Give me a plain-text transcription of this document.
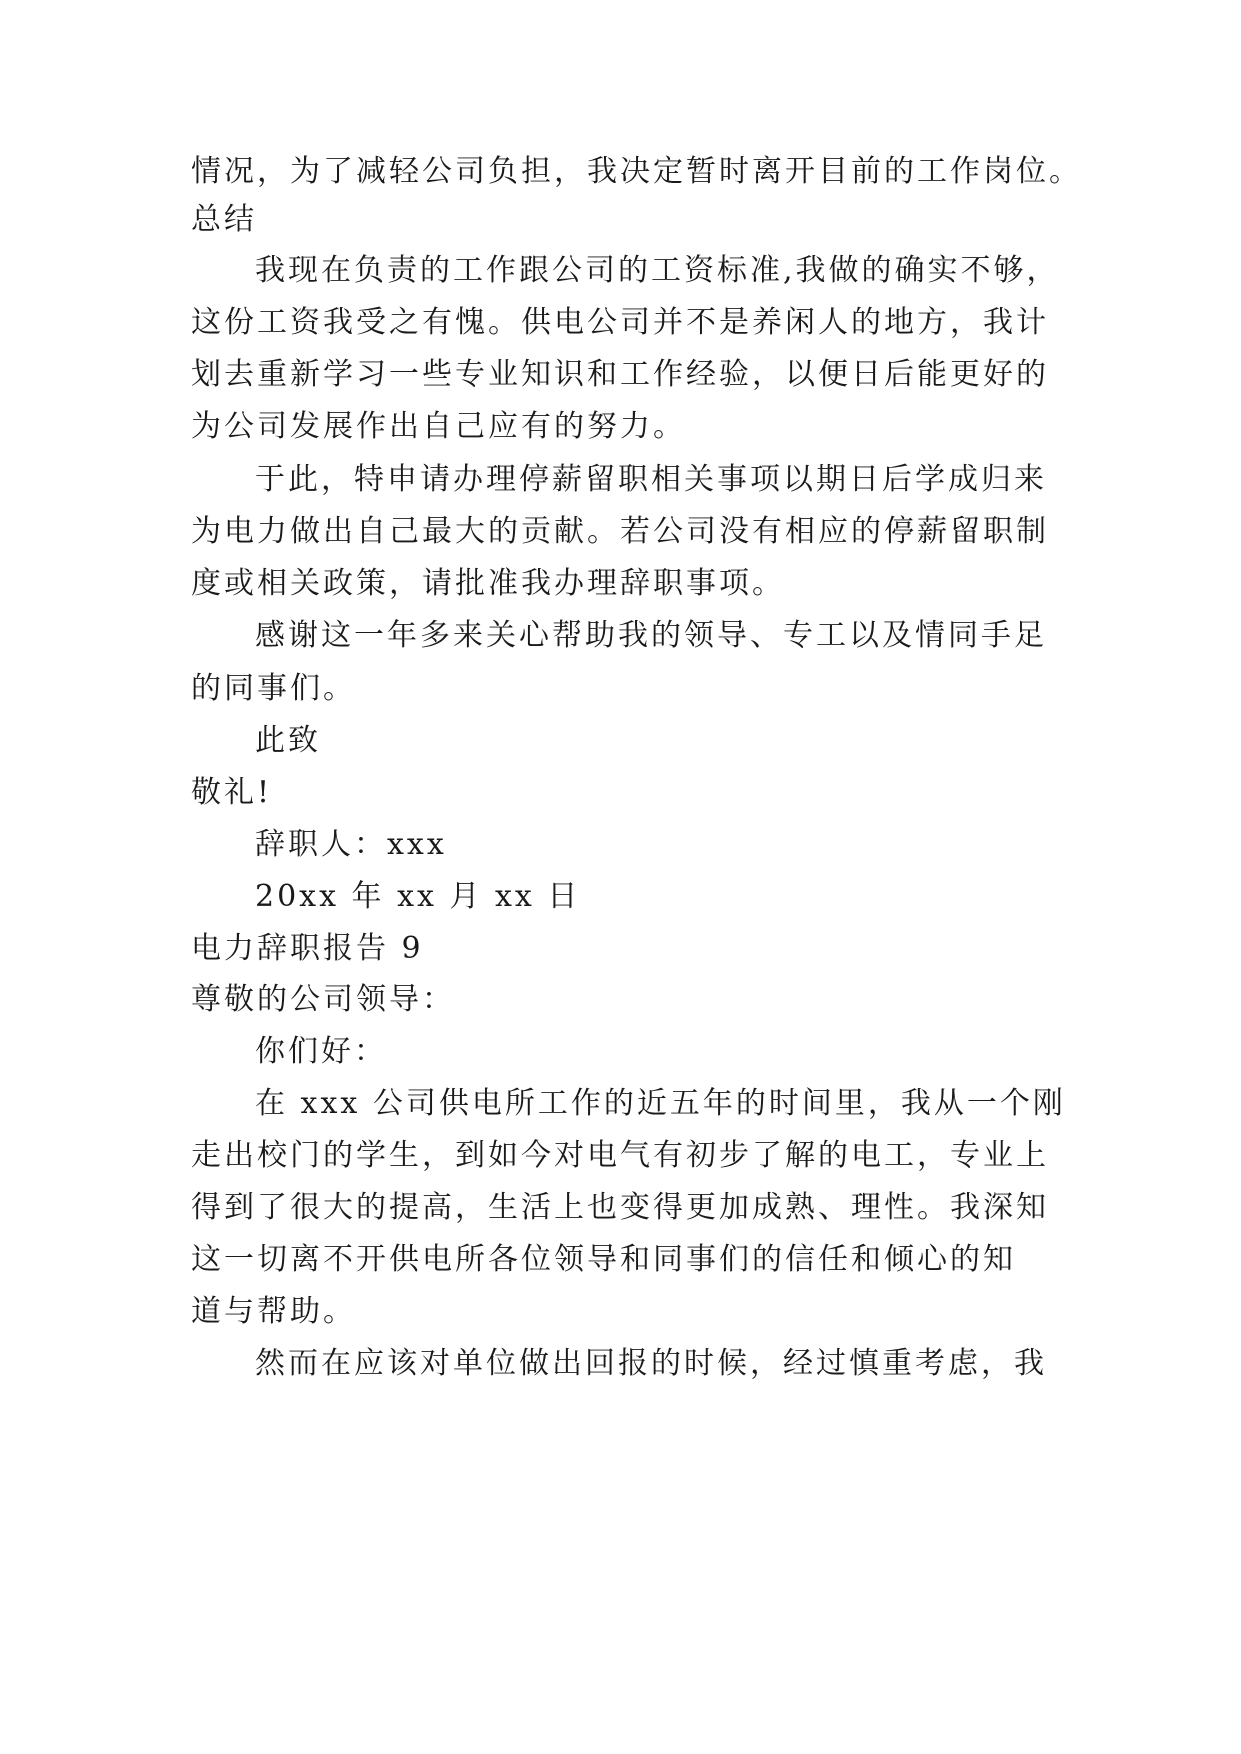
情况，为了减轻公司负担，我决定暂时离开目前的工作岗位。
总结
我现在负责的工作跟公司的工资标准,我做的确实不够，
这份工资我受之有愧。供电公司并不是养闲人的地方，我计
划去重新学习一些专业知识和工作经验，以便日后能更好的
为公司发展作出自己应有的努力。
于此，特申请办理停薪留职相关事项以期日后学成归来
为电力做出自己最大的贡献。若公司没有相应的停薪留职制
度或相关政策，请批准我办理辞职事项。
感谢这一年多来关心帮助我的领导、专工以及情同手足
的同事们。
此致
敬礼!
辞职人：xxx
20xx 年 xx 月 xx 日
电力辞职报告 9
尊敬的公司领导：
你们好：
在 xxx 公司供电所工作的近五年的时间里，我从一个刚
走出校门的学生，到如今对电气有初步了解的电工，专业上
得到了很大的提高，生活上也变得更加成熟、理性。我深知
这一切离不开供电所各位领导和同事们的信任和倾心的知
道与帮助。
然而在应该对单位做出回报的时候，经过慎重考虑，我
